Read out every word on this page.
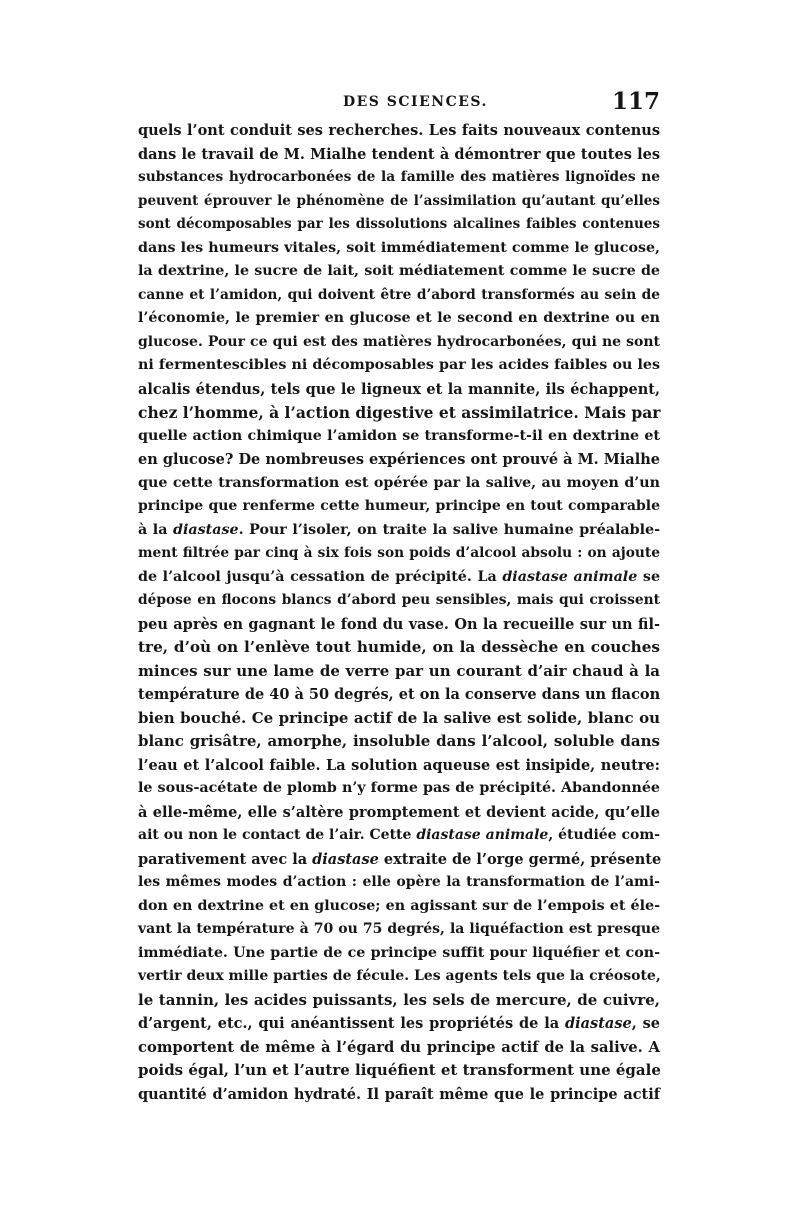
DES SCIENCES.	117
quels l’ont conduit ses recherches. Les faits nouveaux contenus
dans le travail de M. Mialhe tendent à démontrer que toutes les
substances hydrocarbonées de la famille des matières lignoïdes ne
peuvent éprouver le phénomène de l’assimilation qu’autant qu’elles
sont décomposables par les dissolutions alcalines faibles contenues
dans les humeurs vitales, soit immédiatement comme le glucose,
la dextrine, le sucre de lait, soit médiatement comme le sucre de
canne et l’amidon, qui doivent être d’abord transformés au sein de
l’économie, le premier en glucose et le second en dextrine ou en
glucose. Pour ce qui est des matières hydrocarbonées, qui ne sont
ni fermentescibles ni décomposables par les acides faibles ou les
alcalis étendus, tels que le ligneux et la mannite, ils échappent,
chez l’homme, à l’action digestive et assimilatrice. Mais par
quelle action chimique l’amidon se transforme-t-il en dextrine et
en glucose? De nombreuses expériences ont prouvé à M. Mialhe
que cette transformation est opérée par la salive, au moyen d’un
principe que renferme cette humeur, principe en tout comparable
à la diastase. Pour l’isoler, on traite la salive humaine préalable-
ment filtrée par cinq à six fois son poids d’alcool absolu : on ajoute
de l’alcool jusqu’à cessation de précipité. La diastase animale se
dépose en flocons blancs d’abord peu sensibles, mais qui croissent
peu après en gagnant le fond du vase. On la recueille sur un fil-
tre, d’où on l’enlève tout humide, on la dessèche en couches
minces sur une lame de verre par un courant d’air chaud à la
température de 40 à 50 degrés, et on la conserve dans un flacon
bien bouché. Ce principe actif de la salive est solide, blanc ou
blanc grisâtre, amorphe, insoluble dans l’alcool, soluble dans
l’eau et l’alcool faible. La solution aqueuse est insipide, neutre:
le sous-acétate de plomb n’y forme pas de précipité. Abandonnée
à elle-même, elle s’altère promptement et devient acide, qu’elle
ait ou non le contact de l’air. Cette diastase animale, étudiée com-
parativement avec la diastase extraite de l’orge germé, présente
les mêmes modes d’action : elle opère la transformation de l’ami-
don en dextrine et en glucose; en agissant sur de l’empois et éle-
vant la température à 70 ou 75 degrés, la liquéfaction est presque
immédiate. Une partie de ce principe suffit pour liquéfier et con-
vertir deux mille parties de fécule. Les agents tels que la créosote,
le tannin, les acides puissants, les sels de mercure, de cuivre,
d’argent, etc., qui anéantissent les propriétés de la diastase, se
comportent de même à l’égard du principe actif de la salive. A
poids égal, l’un et l’autre liquéfient et transforment une égale
quantité d’amidon hydraté. Il paraît même que le principe actif
